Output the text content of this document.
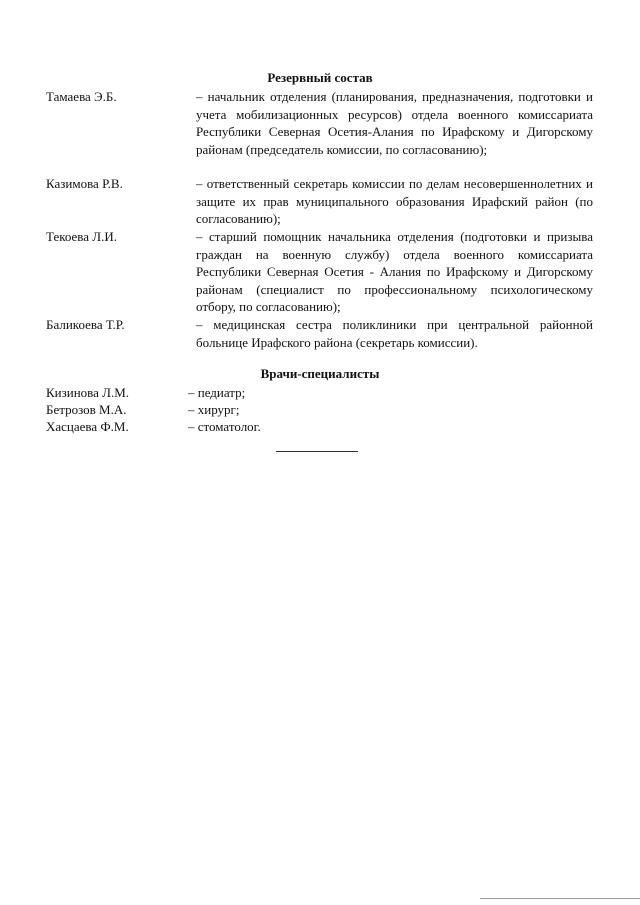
Резервный состав
Тамаева Э.Б.	– начальник отделения (планирования, предназначения, подготовки и учета мобилизационных ресурсов) отдела военного комиссариата Республики Северная Осетия-Алания по Ирафскому и Дигорскому районам (председатель комиссии, по согласованию);
Казимова Р.В.	– ответственный секретарь комиссии по делам несовершеннолетних и защите их прав муниципального образования Ирафский район (по согласованию);
Текоева Л.И.	– старший помощник начальника отделения (подготовки и призыва граждан на военную службу) отдела военного комиссариата Республики Северная Осетия - Алания по Ирафскому и Дигорскому районам (специалист по профессиональному психологическому отбору, по согласованию);
Баликоева Т.Р.	– медицинская сестра поликлиники при центральной районной больнице Ирафского района (секретарь комиссии).
Врачи-специалисты
Кизинова Л.М.	– педиатр;
Бетрозов М.А.	– хирург;
Хасцаева Ф.М.	– стоматолог.
